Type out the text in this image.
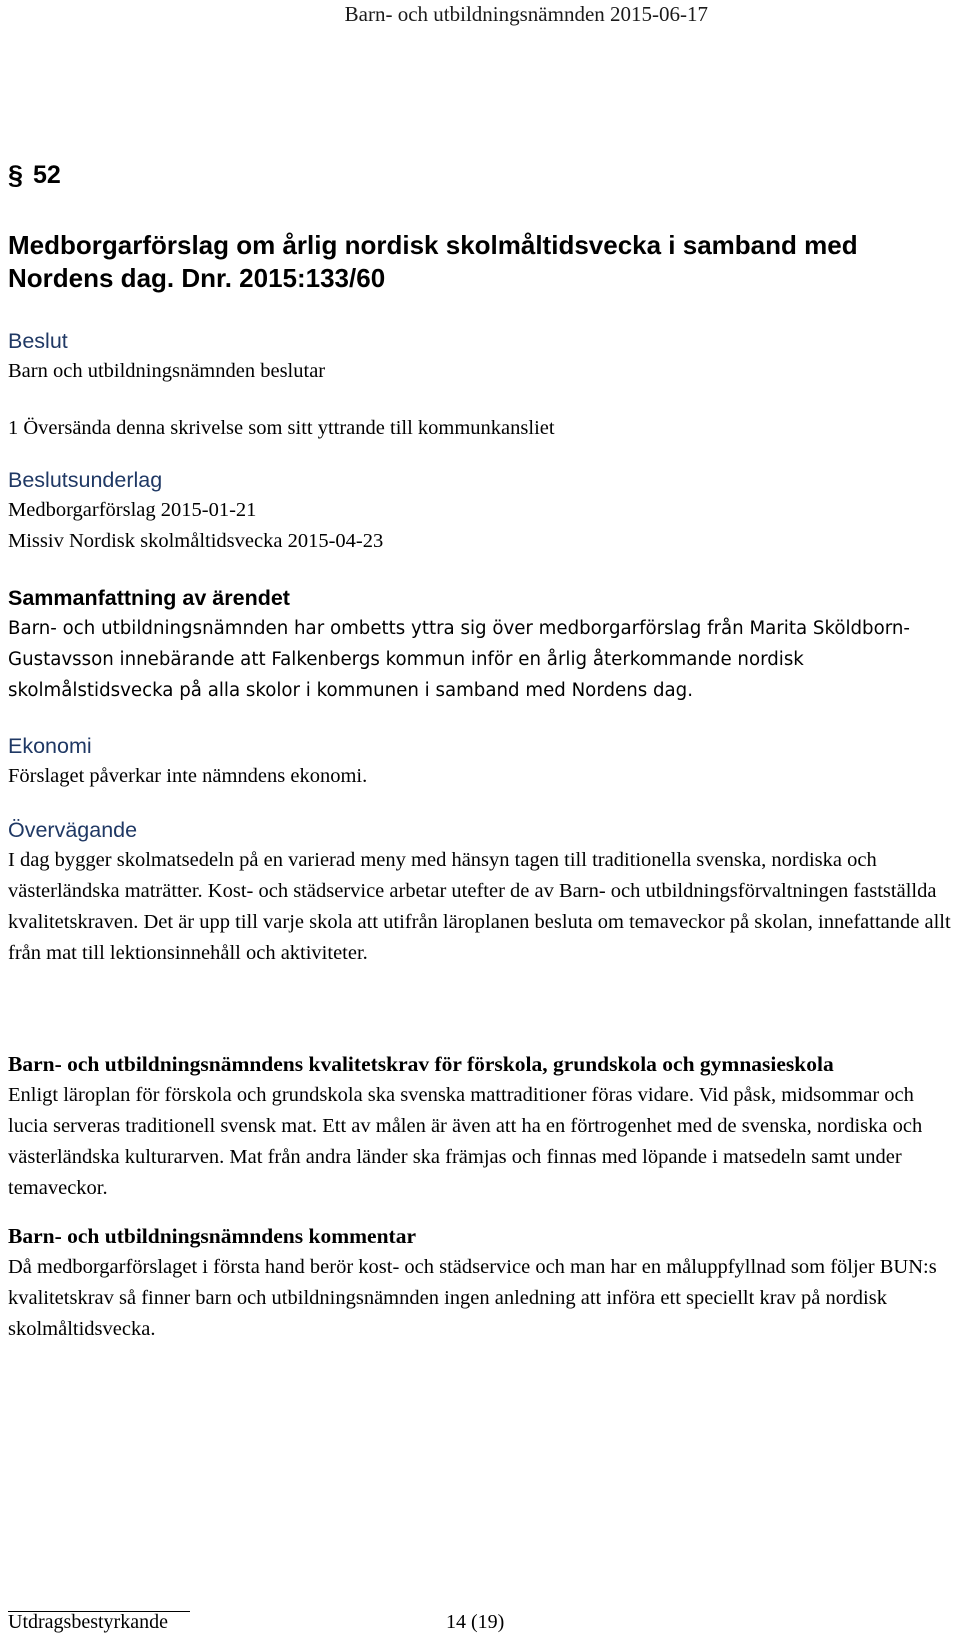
Barn- och utbildningsnämnden 2015-06-17
§ 52
Medborgarförslag om årlig nordisk skolmåltidsvecka i samband med Nordens dag. Dnr. 2015:133/60
Beslut
Barn och utbildningsnämnden beslutar
1 Översända denna skrivelse som sitt yttrande till kommunkansliet
Beslutsunderlag
Medborgarförslag 2015-01-21
Missiv Nordisk skolmåltidsvecka 2015-04-23
Sammanfattning av ärendet
Barn- och utbildningsnämnden har ombetts yttra sig över medborgarförslag från Marita Sköldborn-Gustavsson innebärande att Falkenbergs kommun inför en årlig återkommande nordisk skolmålstidsvecka på alla skolor i kommunen i samband med Nordens dag.
Ekonomi
Förslaget påverkar inte nämndens ekonomi.
Övervägande
I dag bygger skolmatsedeln på en varierad meny med hänsyn tagen till traditionella svenska, nordiska och västerländska maträtter. Kost- och städservice arbetar utefter de av Barn- och utbildningsförvaltningen fastställda kvalitetskraven. Det är upp till varje skola att utifrån läroplanen besluta om temaveckor på skolan, innefattande allt från mat till lektionsinnehåll och aktiviteter.
Barn- och utbildningsnämndens kvalitetskrav för förskola, grundskola och gymnasieskola
Enligt läroplan för förskola och grundskola ska svenska mattraditioner föras vidare. Vid påsk, midsommar och lucia serveras traditionell svensk mat. Ett av målen är även att ha en förtrogenhet med de svenska, nordiska och västerländska kulturarven. Mat från andra länder ska främjas och finnas med löpande i matsedeln samt under temaveckor.
Barn- och utbildningsnämndens kommentar
Då medborgarförslaget i första hand berör kost- och städservice och man har en måluppfyllnad som följer BUN:s kvalitetskrav så finner barn och utbildningsnämnden ingen anledning att införa ett speciellt krav på nordisk skolmåltidsvecka.
Utdragsbestyrkande	14 (19)
